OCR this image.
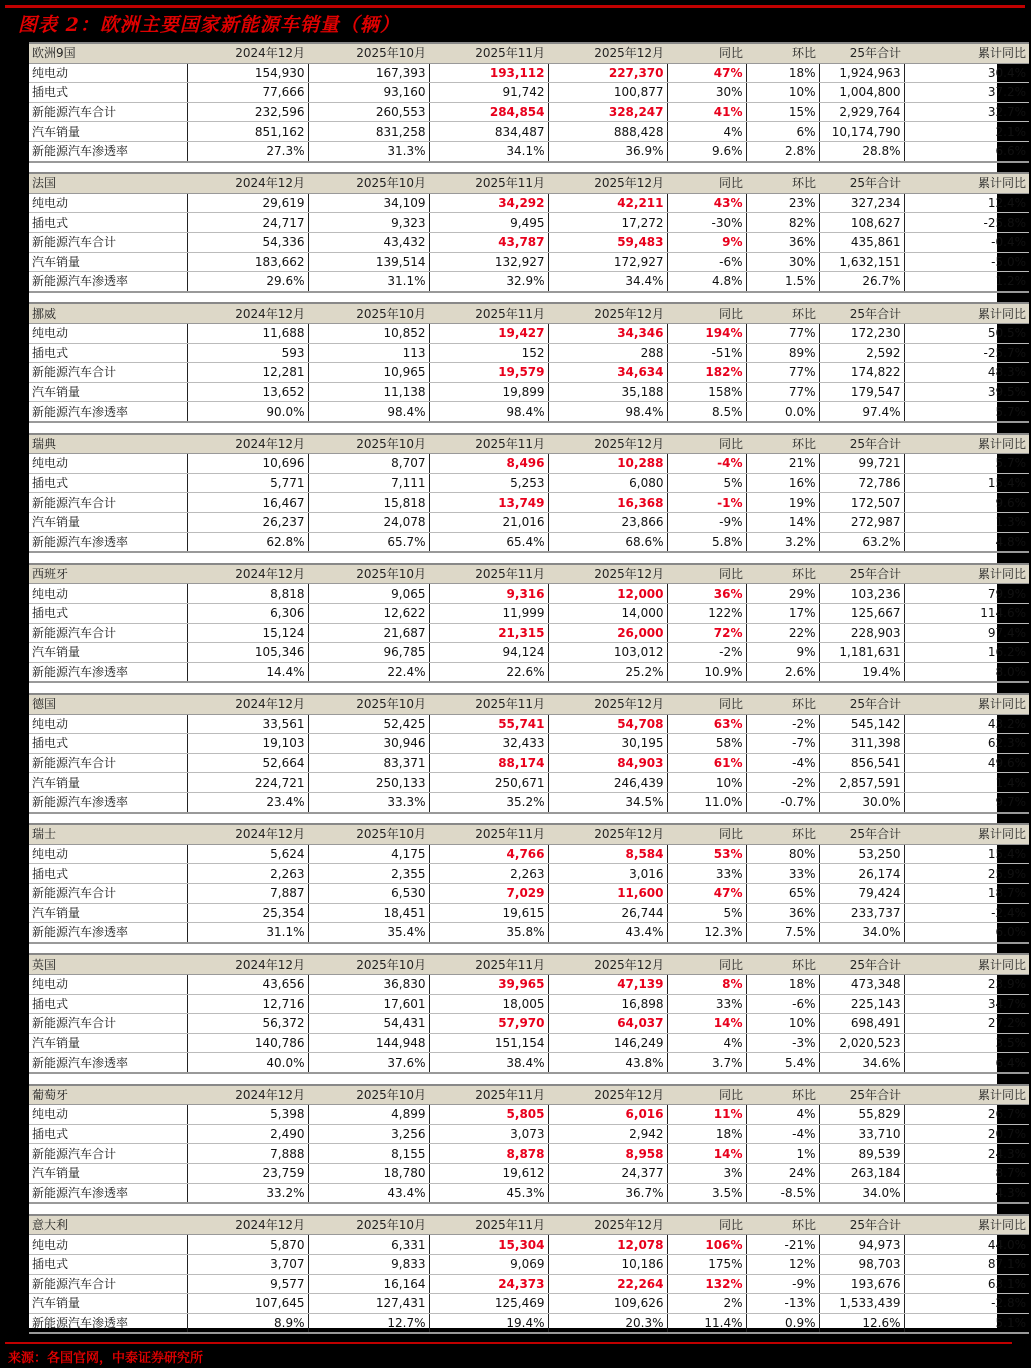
图表 2：欧洲主要国家新能源车销量（辆）
欧洲9国	2024年12月	2025年10月	2025年11月	2025年12月	同比	环比	25年合计	累计同比
纯电动	154,930	167,393	193,112	227,370	47%	18%	1,924,963	30.4%
插电式	77,666	93,160	91,742	100,877	30%	10%	1,004,800	37.2%
新能源汽车合计	232,596	260,553	284,854	328,247	41%	15%	2,929,764	32.7%
汽车销量	851,162	831,258	834,487	888,428	4%	6%	10,174,790	2.1%
新能源汽车渗透率	27.3%	31.3%	34.1%	36.9%	9.6%	2.8%	28.8%	6.6%
法国	2024年12月	2025年10月	2025年11月	2025年12月	同比	环比	25年合计	累计同比
纯电动	29,619	34,109	34,292	42,211	43%	23%	327,234	12.4%
插电式	24,717	9,323	9,495	17,272	-30%	82%	108,627	-25.8%
新能源汽车合计	54,336	43,432	43,787	59,483	9%	36%	435,861	-0.4%
汽车销量	183,662	139,514	132,927	172,927	-6%	30%	1,632,151	-5.0%
新能源汽车渗透率	29.6%	31.1%	32.9%	34.4%	4.8%	1.5%	26.7%	1.2%
挪威	2024年12月	2025年10月	2025年11月	2025年12月	同比	环比	25年合计	累计同比
纯电动	11,688	10,852	19,427	34,346	194%	77%	172,230	50.5%
插电式	593	113	152	288	-51%	89%	2,592	-25.7%
新能源汽车合计	12,281	10,965	19,579	34,634	182%	77%	174,822	48.3%
汽车销量	13,652	11,138	19,899	35,188	158%	77%	179,547	39.5%
新能源汽车渗透率	90.0%	98.4%	98.4%	98.4%	8.5%	0.0%	97.4%	5.7%
瑞典	2024年12月	2025年10月	2025年11月	2025年12月	同比	环比	25年合计	累计同比
纯电动	10,696	8,707	8,496	10,288	-4%	21%	99,721	5.7%
插电式	5,771	7,111	5,253	6,080	5%	16%	72,786	15.4%
新能源汽车合计	16,467	15,818	13,749	16,368	-1%	19%	172,507	9.6%
汽车销量	26,237	24,078	21,016	23,866	-9%	14%	272,987	1.3%
新能源汽车渗透率	62.8%	65.7%	65.4%	68.6%	5.8%	3.2%	63.2%	4.8%
西班牙	2024年12月	2025年10月	2025年11月	2025年12月	同比	环比	25年合计	累计同比
纯电动	8,818	9,065	9,316	12,000	36%	29%	103,236	79.9%
插电式	6,306	12,622	11,999	14,000	122%	17%	125,667	114.6%
新能源汽车合计	15,124	21,687	21,315	26,000	72%	22%	228,903	97.4%
汽车销量	105,346	96,785	94,124	103,012	-2%	9%	1,181,631	16.2%
新能源汽车渗透率	14.4%	22.4%	22.6%	25.2%	10.9%	2.6%	19.4%	8.0%
德国	2024年12月	2025年10月	2025年11月	2025年12月	同比	环比	25年合计	累计同比
纯电动	33,561	52,425	55,741	54,708	63%	-2%	545,142	43.2%
插电式	19,103	30,946	32,433	30,195	58%	-7%	311,398	62.3%
新能源汽车合计	52,664	83,371	88,174	84,903	61%	-4%	856,541	49.6%
汽车销量	224,721	250,133	250,671	246,439	10%	-2%	2,857,591	1.4%
新能源汽车渗透率	23.4%	33.3%	35.2%	34.5%	11.0%	-0.7%	30.0%	9.7%
瑞士	2024年12月	2025年10月	2025年11月	2025年12月	同比	环比	25年合计	累计同比
纯电动	5,624	4,175	4,766	8,584	53%	80%	53,250	15.4%
插电式	2,263	2,355	2,263	3,016	33%	33%	26,174	25.9%
新能源汽车合计	7,887	6,530	7,029	11,600	47%	65%	79,424	18.7%
汽车销量	25,354	18,451	19,615	26,744	5%	36%	233,737	-2.4%
新能源汽车渗透率	31.1%	35.4%	35.8%	43.4%	12.3%	7.5%	34.0%	6.0%
英国	2024年12月	2025年10月	2025年11月	2025年12月	同比	环比	25年合计	累计同比
纯电动	43,656	36,830	39,965	47,139	8%	18%	473,348	23.9%
插电式	12,716	17,601	18,005	16,898	33%	-6%	225,143	34.7%
新能源汽车合计	56,372	54,431	57,970	64,037	14%	10%	698,491	27.2%
汽车销量	140,786	144,948	151,154	146,249	4%	-3%	2,020,523	3.5%
新能源汽车渗透率	40.0%	37.6%	38.4%	43.8%	3.7%	5.4%	34.6%	6.4%
葡萄牙	2024年12月	2025年10月	2025年11月	2025年12月	同比	环比	25年合计	累计同比
纯电动	5,398	4,899	5,805	6,016	11%	4%	55,829	26.7%
插电式	2,490	3,256	3,073	2,942	18%	-4%	33,710	20.7%
新能源汽车合计	7,888	8,155	8,878	8,958	14%	1%	89,539	24.3%
汽车销量	23,759	18,780	19,612	24,377	3%	24%	263,184	8.7%
新能源汽车渗透率	33.2%	43.4%	45.3%	36.7%	3.5%	-8.5%	34.0%	4.3%
意大利	2024年12月	2025年10月	2025年11月	2025年12月	同比	环比	25年合计	累计同比
纯电动	5,870	6,331	15,304	12,078	106%	-21%	94,973	44.0%
插电式	3,707	9,833	9,069	10,186	175%	12%	98,703	87.1%
新能源汽车合计	9,577	16,164	24,373	22,264	132%	-9%	193,676	63.1%
汽车销量	107,645	127,431	125,469	109,626	2%	-13%	1,533,439	-2.8%
新能源汽车渗透率	8.9%	12.7%	19.4%	20.3%	11.4%	0.9%	12.6%	5.1%
来源：各国官网，中泰证券研究所
